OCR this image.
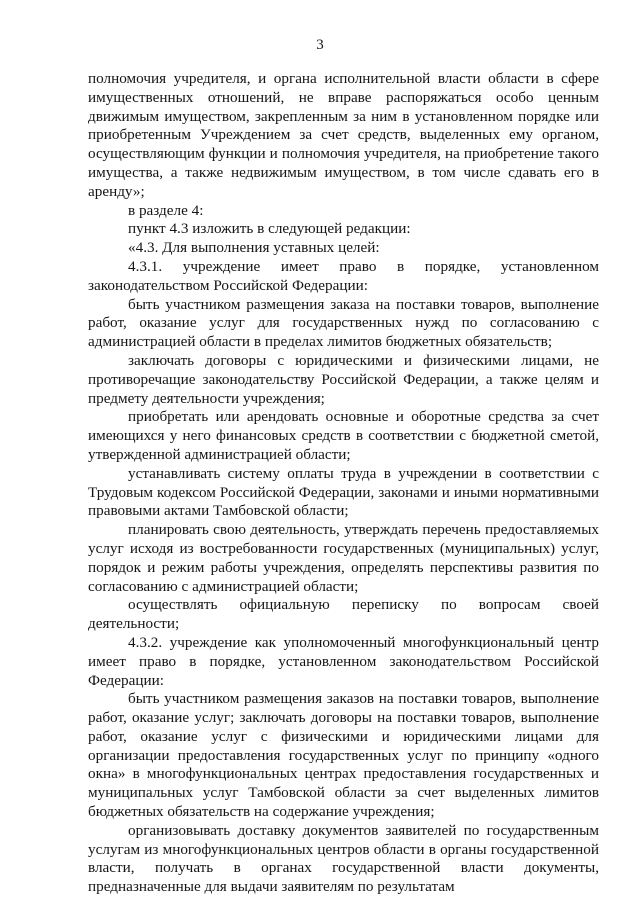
3

полномочия учредителя, и органа исполнительной власти области в сфере имущественных отношений, не вправе распоряжаться особо ценным движимым имуществом, закрепленным за ним в установленном порядке или приобретенным Учреждением за счет средств, выделенных ему органом, осуществляющим функции и полномочия учредителя, на приобретение такого имущества, а также недвижимым имуществом, в том числе сдавать его в аренду»;

в разделе 4:

пункт 4.3 изложить в следующей редакции:

«4.3. Для выполнения уставных целей:

4.3.1. учреждение имеет право в порядке, установленном законодательством Российской Федерации:

быть участником размещения заказа на поставки товаров, выполнение работ, оказание услуг для государственных нужд по согласованию с администрацией области в пределах лимитов бюджетных обязательств;

заключать договоры с юридическими и физическими лицами, не противоречащие законодательству Российской Федерации, а также целям и предмету деятельности учреждения;

приобретать или арендовать основные и оборотные средства за счет имеющихся у него финансовых средств в соответствии с бюджетной сметой, утвержденной администрацией области;

устанавливать систему оплаты труда в учреждении в соответствии с Трудовым кодексом Российской Федерации, законами и иными нормативными правовыми актами Тамбовской области;

планировать свою деятельность, утверждать перечень предоставляемых услуг исходя из востребованности государственных (муниципальных) услуг, порядок и режим работы учреждения, определять перспективы развития по согласованию с администрацией области;

осуществлять официальную переписку по вопросам своей деятельности;

4.3.2. учреждение как уполномоченный многофункциональный центр имеет право в порядке, установленном законодательством Российской Федерации:

быть участником размещения заказов на поставки товаров, выполнение работ, оказание услуг; заключать договоры на поставки товаров, выполнение работ, оказание услуг с физическими и юридическими лицами для организации предоставления государственных услуг по принципу «одного окна» в многофункциональных центрах предоставления государственных и муниципальных услуг Тамбовской области за счет выделенных лимитов бюджетных обязательств на содержание учреждения;

организовывать доставку документов заявителей по государственным услугам из многофункциональных центров области в органы государственной власти, получать в органах государственной власти документы, предназначенные для выдачи заявителям по результатам
